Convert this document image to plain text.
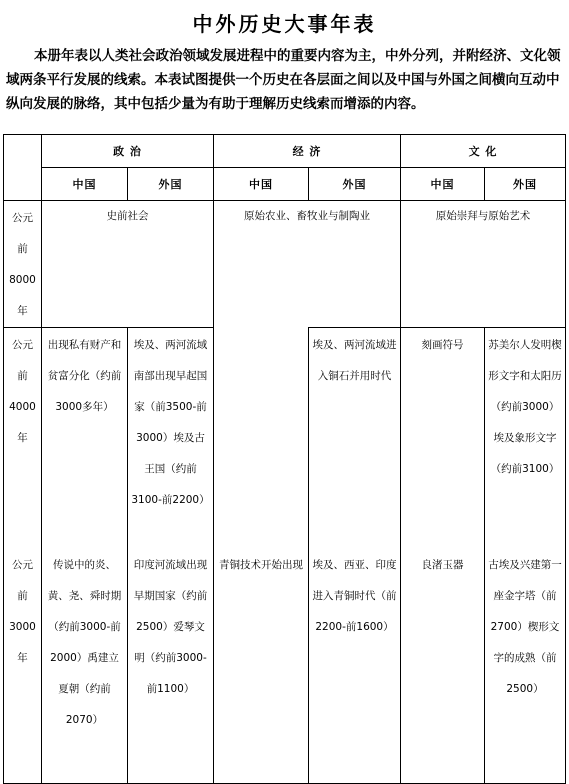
中外历史大事年表
本册年表以人类社会政治领域发展进程中的重要内容为主，中外分列，并附经济、文化领域两条平行发展的线索。本表试图提供一个历史在各层面之间以及中国与外国之间横向互动中纵向发展的脉络，其中包括少量为有助于理解历史线索而增添的内容。
	政 治		经 济		文 化	
	中国	外国	中国	外国	中国	外国
公元前8000年	史前社会		原始农业、畜牧业与制陶业		原始崇拜与原始艺术	
公元前4000年	出现私有财产和贫富分化（约前3000多年）	埃及、两河流域南部出现早起国家（前3500-前3000）埃及古王国（约前3100-前2200）		埃及、两河流域进入铜石并用时代	刻画符号	苏美尔人发明楔形文字和太阳历（约前3000）埃及象形文字（约前3100）
公元前3000年	传说中的炎、黄、尧、舜时期（约前3000-前2000）禹建立夏朝（约前2070）	印度河流域出现早期国家（约前2500）爱琴文明（约前3000-前1100）	青铜技术开始出现	埃及、西亚、印度进入青铜时代（前2200-前1600）	良渚玉器	古埃及兴建第一座金字塔（前2700）楔形文字的成熟（前2500）
